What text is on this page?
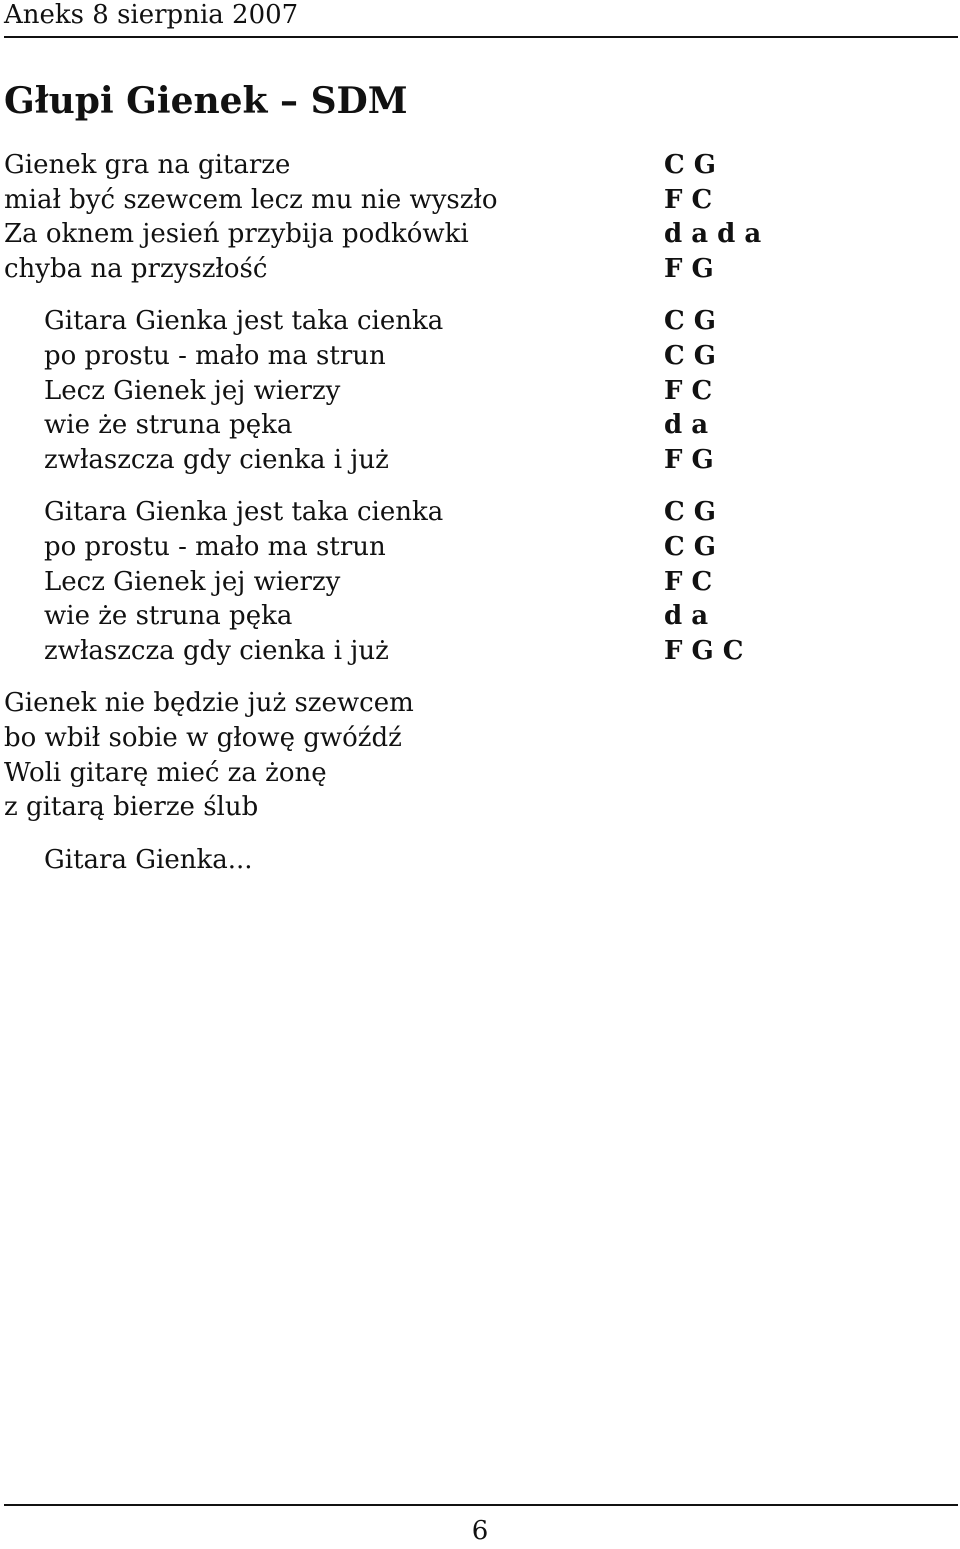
Aneks 8 sierpnia 2007
Głupi Gienek – SDM
Gienek gra na gitarze
miał być szewcem lecz mu nie wyszło
Za oknem jesień przybija podkówki
chyba na przyszłość
Gitara Gienka jest taka cienka
po prostu - mało ma strun
Lecz Gienek jej wierzy
wie że struna pęka
zwłaszcza gdy cienka i już
Gitara Gienka jest taka cienka
po prostu - mało ma strun
Lecz Gienek jej wierzy
wie że struna pęka
zwłaszcza gdy cienka i już
Gienek nie będzie już szewcem
bo wbił sobie w głowę gwóźdź
Woli gitarę mieć za żonę
z gitarą bierze ślub
Gitara Gienka...
C G
F C
d a d a
F G
C G
C G
F C
d a
F G
C G
C G
F C
d a
F G C
6
